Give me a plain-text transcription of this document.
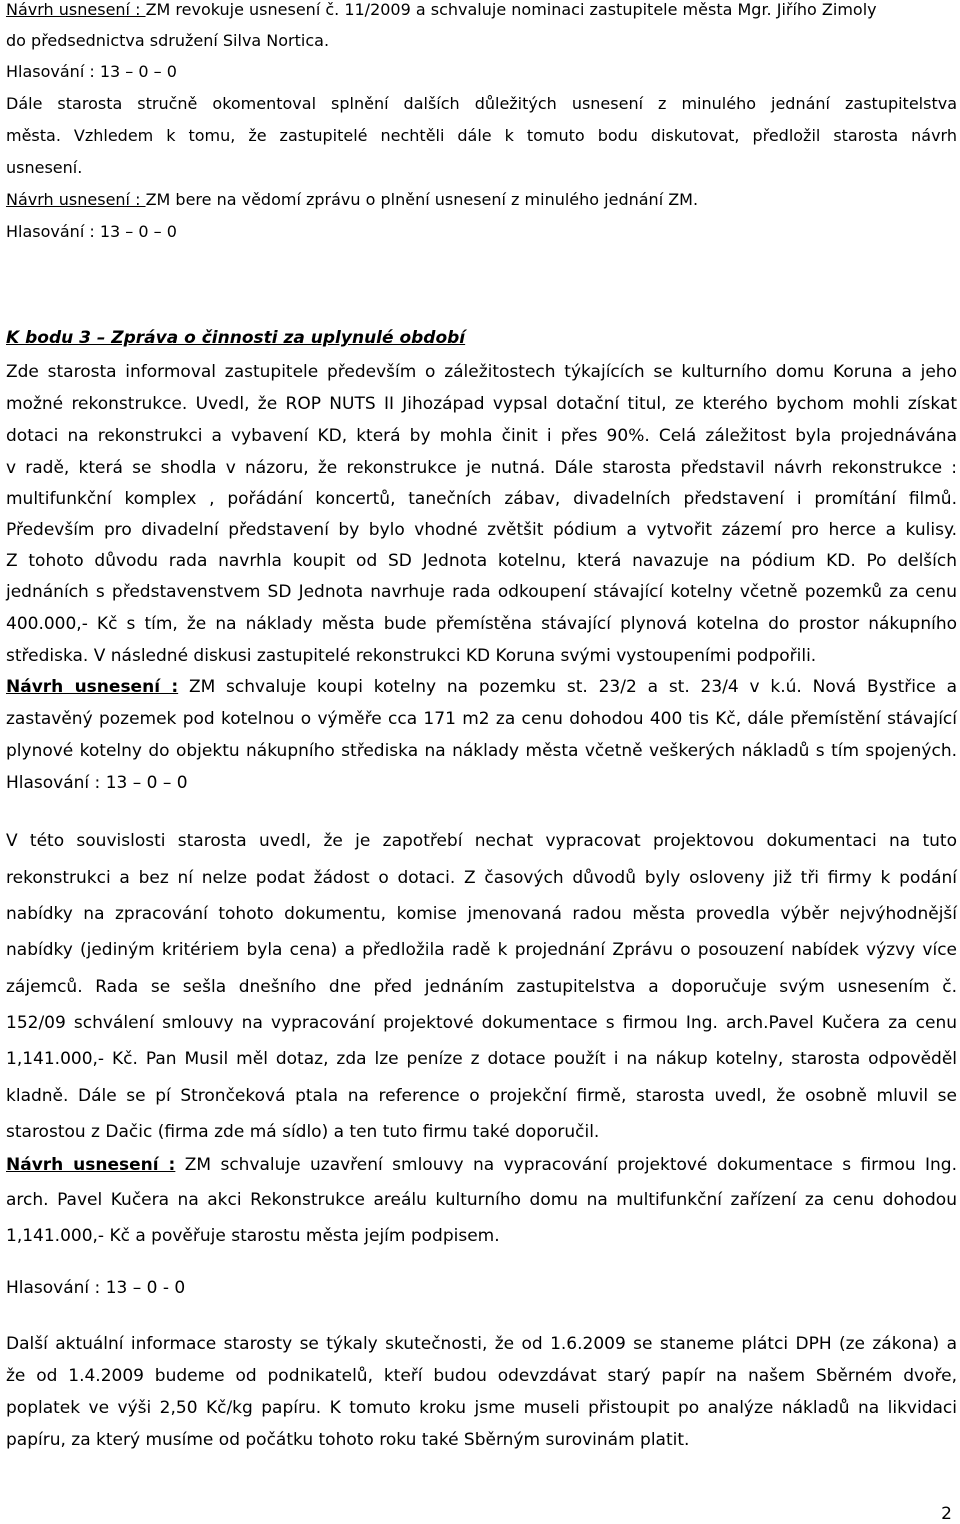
Návrh usnesení : ZM revokuje usnesení č. 11/2009 a schvaluje nominaci zastupitele města Mgr. Jiřího Zimoly
do předsednictva sdružení Silva Nortica.
Hlasování : 13 – 0 – 0
Dále starosta stručně okomentoval splnění dalších důležitých usnesení z minulého jednání zastupitelstva
města. Vzhledem k tomu, že zastupitelé nechtěli dále k tomuto bodu diskutovat, předložil starosta návrh
usnesení.
Návrh usnesení : ZM bere na vědomí zprávu o plnění usnesení z minulého jednání ZM.
Hlasování : 13 – 0 – 0
K bodu 3 – Zpráva o činnosti za uplynulé období
Zde starosta informoval zastupitele především o záležitostech týkajících se kulturního domu Koruna a jeho
možné rekonstrukce. Uvedl, že ROP NUTS II Jihozápad vypsal dotační titul, ze kterého bychom mohli získat
dotaci na rekonstrukci a vybavení KD, která by mohla činit i přes 90%. Celá záležitost byla projednávána
v radě, která se shodla v názoru, že rekonstrukce je nutná. Dále starosta představil návrh rekonstrukce :
multifunkční komplex , pořádání koncertů, tanečních zábav, divadelních představení i promítání filmů.
Především pro divadelní představení by bylo vhodné zvětšit pódium a vytvořit zázemí pro herce a kulisy.
Z tohoto důvodu rada navrhla koupit od SD Jednota kotelnu, která navazuje na pódium KD. Po delších
jednáních s představenstvem SD Jednota navrhuje rada odkoupení stávající kotelny včetně pozemků za cenu
400.000,- Kč s tím, že na náklady města bude přemístěna stávající plynová kotelna do prostor nákupního
střediska. V následné diskusi zastupitelé rekonstrukci KD Koruna svými vystoupeními podpořili.
Návrh usnesení : ZM schvaluje koupi kotelny na pozemku st. 23/2 a st. 23/4 v k.ú. Nová Bystřice a
zastavěný pozemek pod kotelnou o výměře cca 171 m2 za cenu dohodou 400 tis Kč, dále přemístění stávající
plynové kotelny do objektu nákupního střediska na náklady města včetně veškerých nákladů s tím spojených.
Hlasování : 13 – 0 – 0
V této souvislosti starosta uvedl, že je zapotřebí nechat vypracovat projektovou dokumentaci na tuto
rekonstrukci a bez ní nelze podat žádost o dotaci. Z časových důvodů byly osloveny již tři firmy k podání
nabídky na zpracování tohoto dokumentu, komise jmenovaná radou města provedla výběr nejvýhodnější
nabídky (jediným kritériem byla cena) a předložila radě k projednání Zprávu o posouzení nabídek výzvy více
zájemců. Rada se sešla dnešního dne před jednáním zastupitelstva a doporučuje svým usnesením č.
152/09 schválení smlouvy na vypracování projektové dokumentace s firmou Ing. arch.Pavel Kučera za cenu
1,141.000,- Kč. Pan Musil měl dotaz, zda lze peníze z dotace použít i na nákup kotelny, starosta odpověděl
kladně. Dále se pí Strončeková ptala na reference o projekční firmě, starosta uvedl, že osobně mluvil se
starostou z Dačic (firma zde má sídlo) a ten tuto firmu také doporučil.
Návrh usnesení : ZM schvaluje uzavření smlouvy na vypracování projektové dokumentace s firmou Ing.
arch. Pavel Kučera na akci Rekonstrukce areálu kulturního domu na multifunkční zařízení za cenu dohodou
1,141.000,- Kč a pověřuje starostu města jejím podpisem.
Hlasování : 13 – 0 - 0
Další aktuální informace starosty se týkaly skutečnosti, že od 1.6.2009 se staneme plátci DPH (ze zákona) a
že od 1.4.2009 budeme od podnikatelů, kteří budou odevzdávat starý papír na našem Sběrném dvoře,
poplatek ve výši 2,50 Kč/kg papíru. K tomuto kroku jsme museli přistoupit po analýze nákladů na likvidaci
papíru, za který musíme od počátku tohoto roku také Sběrným surovinám platit.
2
